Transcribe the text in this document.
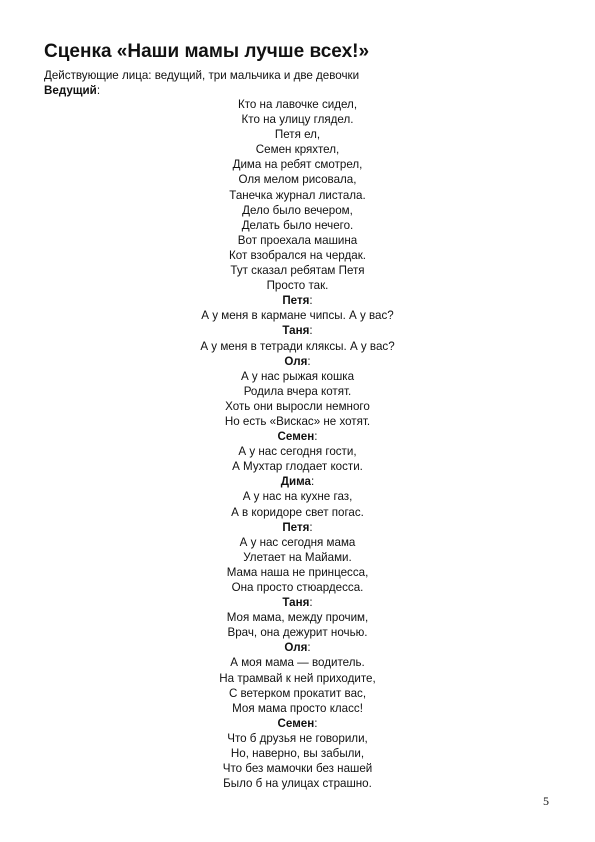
Сценка «Наши мамы лучше всех!»
Действующие лица: ведущий, три мальчика и две девочки
Ведущий:
Кто на лавочке сидел,
Кто на улицу глядел.
Петя ел,
Семен кряхтел,
Дима на ребят смотрел,
Оля мелом рисовала,
Танечка журнал листала.
Дело было вечером,
Делать было нечего.
Вот проехала машина
Кот взобрался на чердак.
Тут сказал ребятам Петя
Просто так.
Петя:
А у меня в кармане чипсы. А у вас?
Таня:
А у меня в тетради кляксы. А у вас?
Оля:
А у нас рыжая кошка
Родила вчера котят.
Хоть они выросли немного
Но есть «Вискас» не хотят.
Семен:
А у нас сегодня гости,
А Мухтар глодает кости.
Дима:
А у нас на кухне газ,
А в коридоре свет погас.
Петя:
А у нас сегодня мама
Улетает на Майами.
Мама наша не принцесса,
Она просто стюардесса.
Таня:
Моя мама, между прочим,
Врач, она дежурит ночью.
Оля:
А моя мама — водитель.
На трамвай к ней приходите,
С ветерком прокатит вас,
Моя мама просто класс!
Семен:
Что б друзья не говорили,
Но, наверно, вы забыли,
Что без мамочки без нашей
Было б на улицах страшно.
5
